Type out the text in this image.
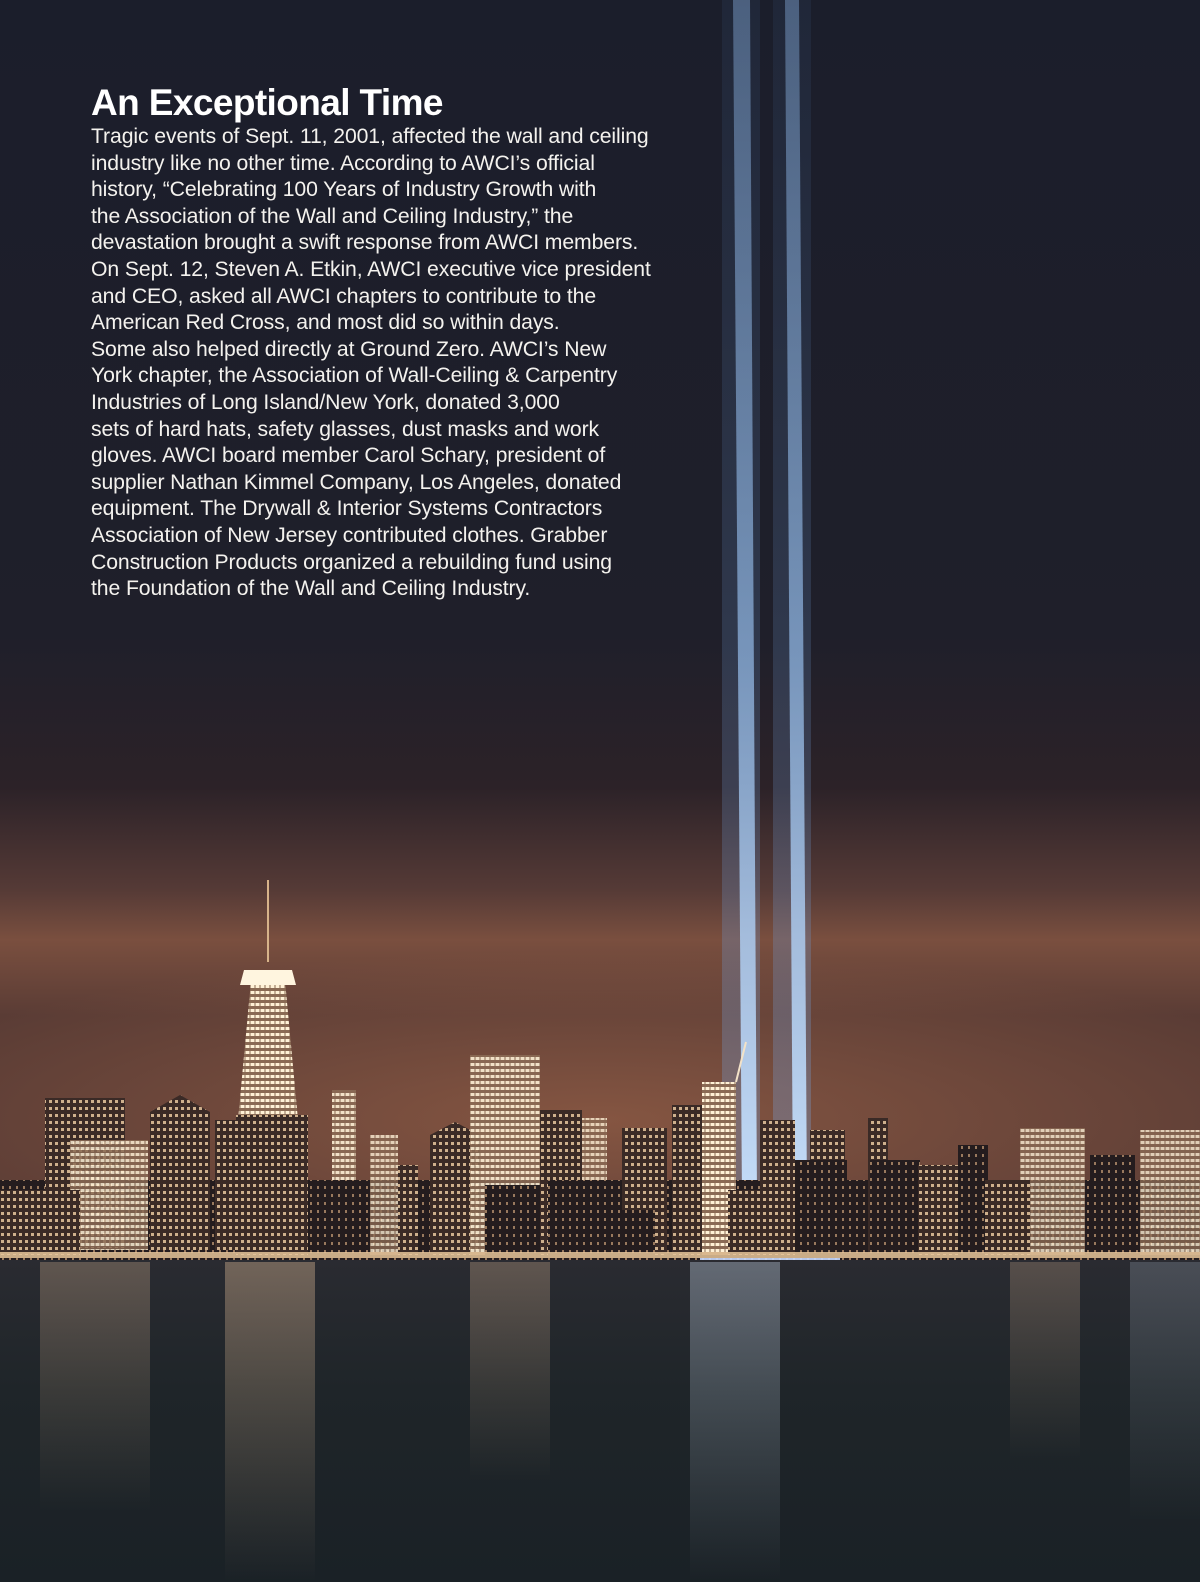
An Exceptional Time
Tragic events of Sept. 11, 2001, affected the wall and ceiling
industry like no other time. According to AWCI’s official
history, “Celebrating 100 Years of Industry Growth with
the Association of the Wall and Ceiling Industry,” the
devastation brought a swift response from AWCI members.
On Sept. 12, Steven A. Etkin, AWCI executive vice president
and CEO, asked all AWCI chapters to contribute to the
American Red Cross, and most did so within days.
Some also helped directly at Ground Zero. AWCI’s New
York chapter, the Association of Wall-Ceiling & Carpentry
Industries of Long Island/New York, donated 3,000
sets of hard hats, safety glasses, dust masks and work
gloves. AWCI board member Carol Schary, president of
supplier Nathan Kimmel Company, Los Angeles, donated
equipment. The Drywall & Interior Systems Contractors
Association of New Jersey contributed clothes. Grabber
Construction Products organized a rebuilding fund using
the Foundation of the Wall and Ceiling Industry.
